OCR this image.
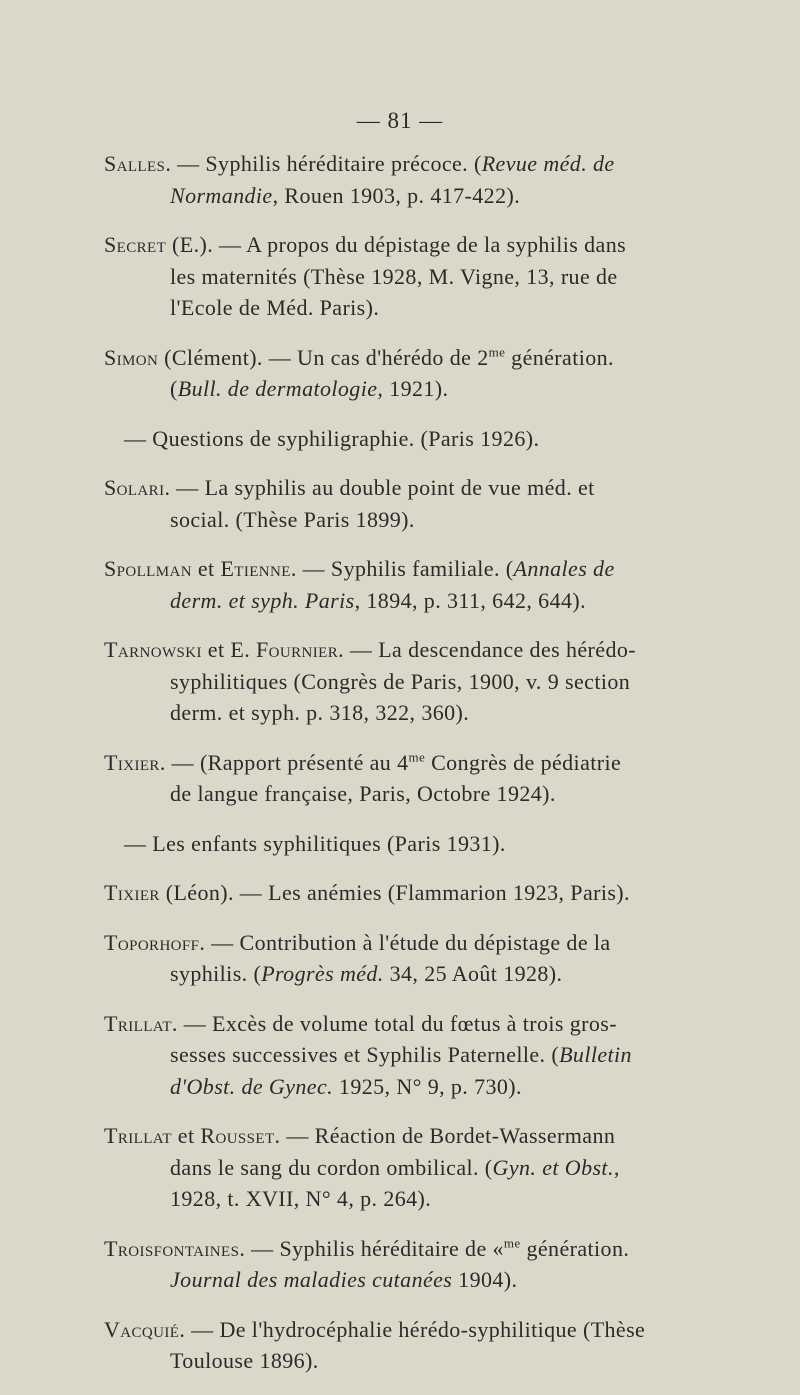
— 81 —
Salles. — Syphilis héréditaire précoce. (Revue méd. de
Normandie, Rouen 1903, p. 417-422).
Secret (E.). — A propos du dépistage de la syphilis dans
les maternités (Thèse 1928, M. Vigne, 13, rue de
l'Ecole de Méd. Paris).
Simon (Clément). — Un cas d'hérédo de $2^{me}$ génération.
(Bull. de dermatologie, 1921).
— Questions de syphiligraphie. (Paris 1926).
Solari. — La syphilis au double point de vue méd. et
social. (Thèse Paris 1899).
Spollman et Etienne. — Syphilis familiale. (Annales de
derm. et syph. Paris, 1894, p. 311, 642, 644).
Tarnowski et E. Fournier. — La descendance des hérédo-
syphilitiques (Congrès de Paris, 1900, v. 9 section
derm. et syph. p. 318, 322, 360).
Tixier. — (Rapport présenté au $4^{me}$ Congrès de pédiatrie
de langue française, Paris, Octobre 1924).
— Les enfants syphilitiques (Paris 1931).
Tixier (Léon). — Les anémies (Flammarion 1923, Paris).
Toporhoff. — Contribution à l'étude du dépistage de la
syphilis. (Progrès méd. 34, 25 Août 1928).
Trillat. — Excès de volume total du fœtus à trois gros-
sesses successives et Syphilis Paternelle. (Bulletin
d'Obst. de Gynec. 1925, N° 9, p. 730).
Trillat et Rousset. — Réaction de Bordet-Wassermann
dans le sang du cordon ombilical. (Gyn. et Obst.,
1928, t. XVII, N° 4, p. 264).
Troisfontaines. — Syphilis héréditaire de «$^{me}$ génération.
Journal des maladies cutanées 1904).
Vacquié. — De l'hydrocéphalie hérédo-syphilitique (Thèse
Toulouse 1896).
